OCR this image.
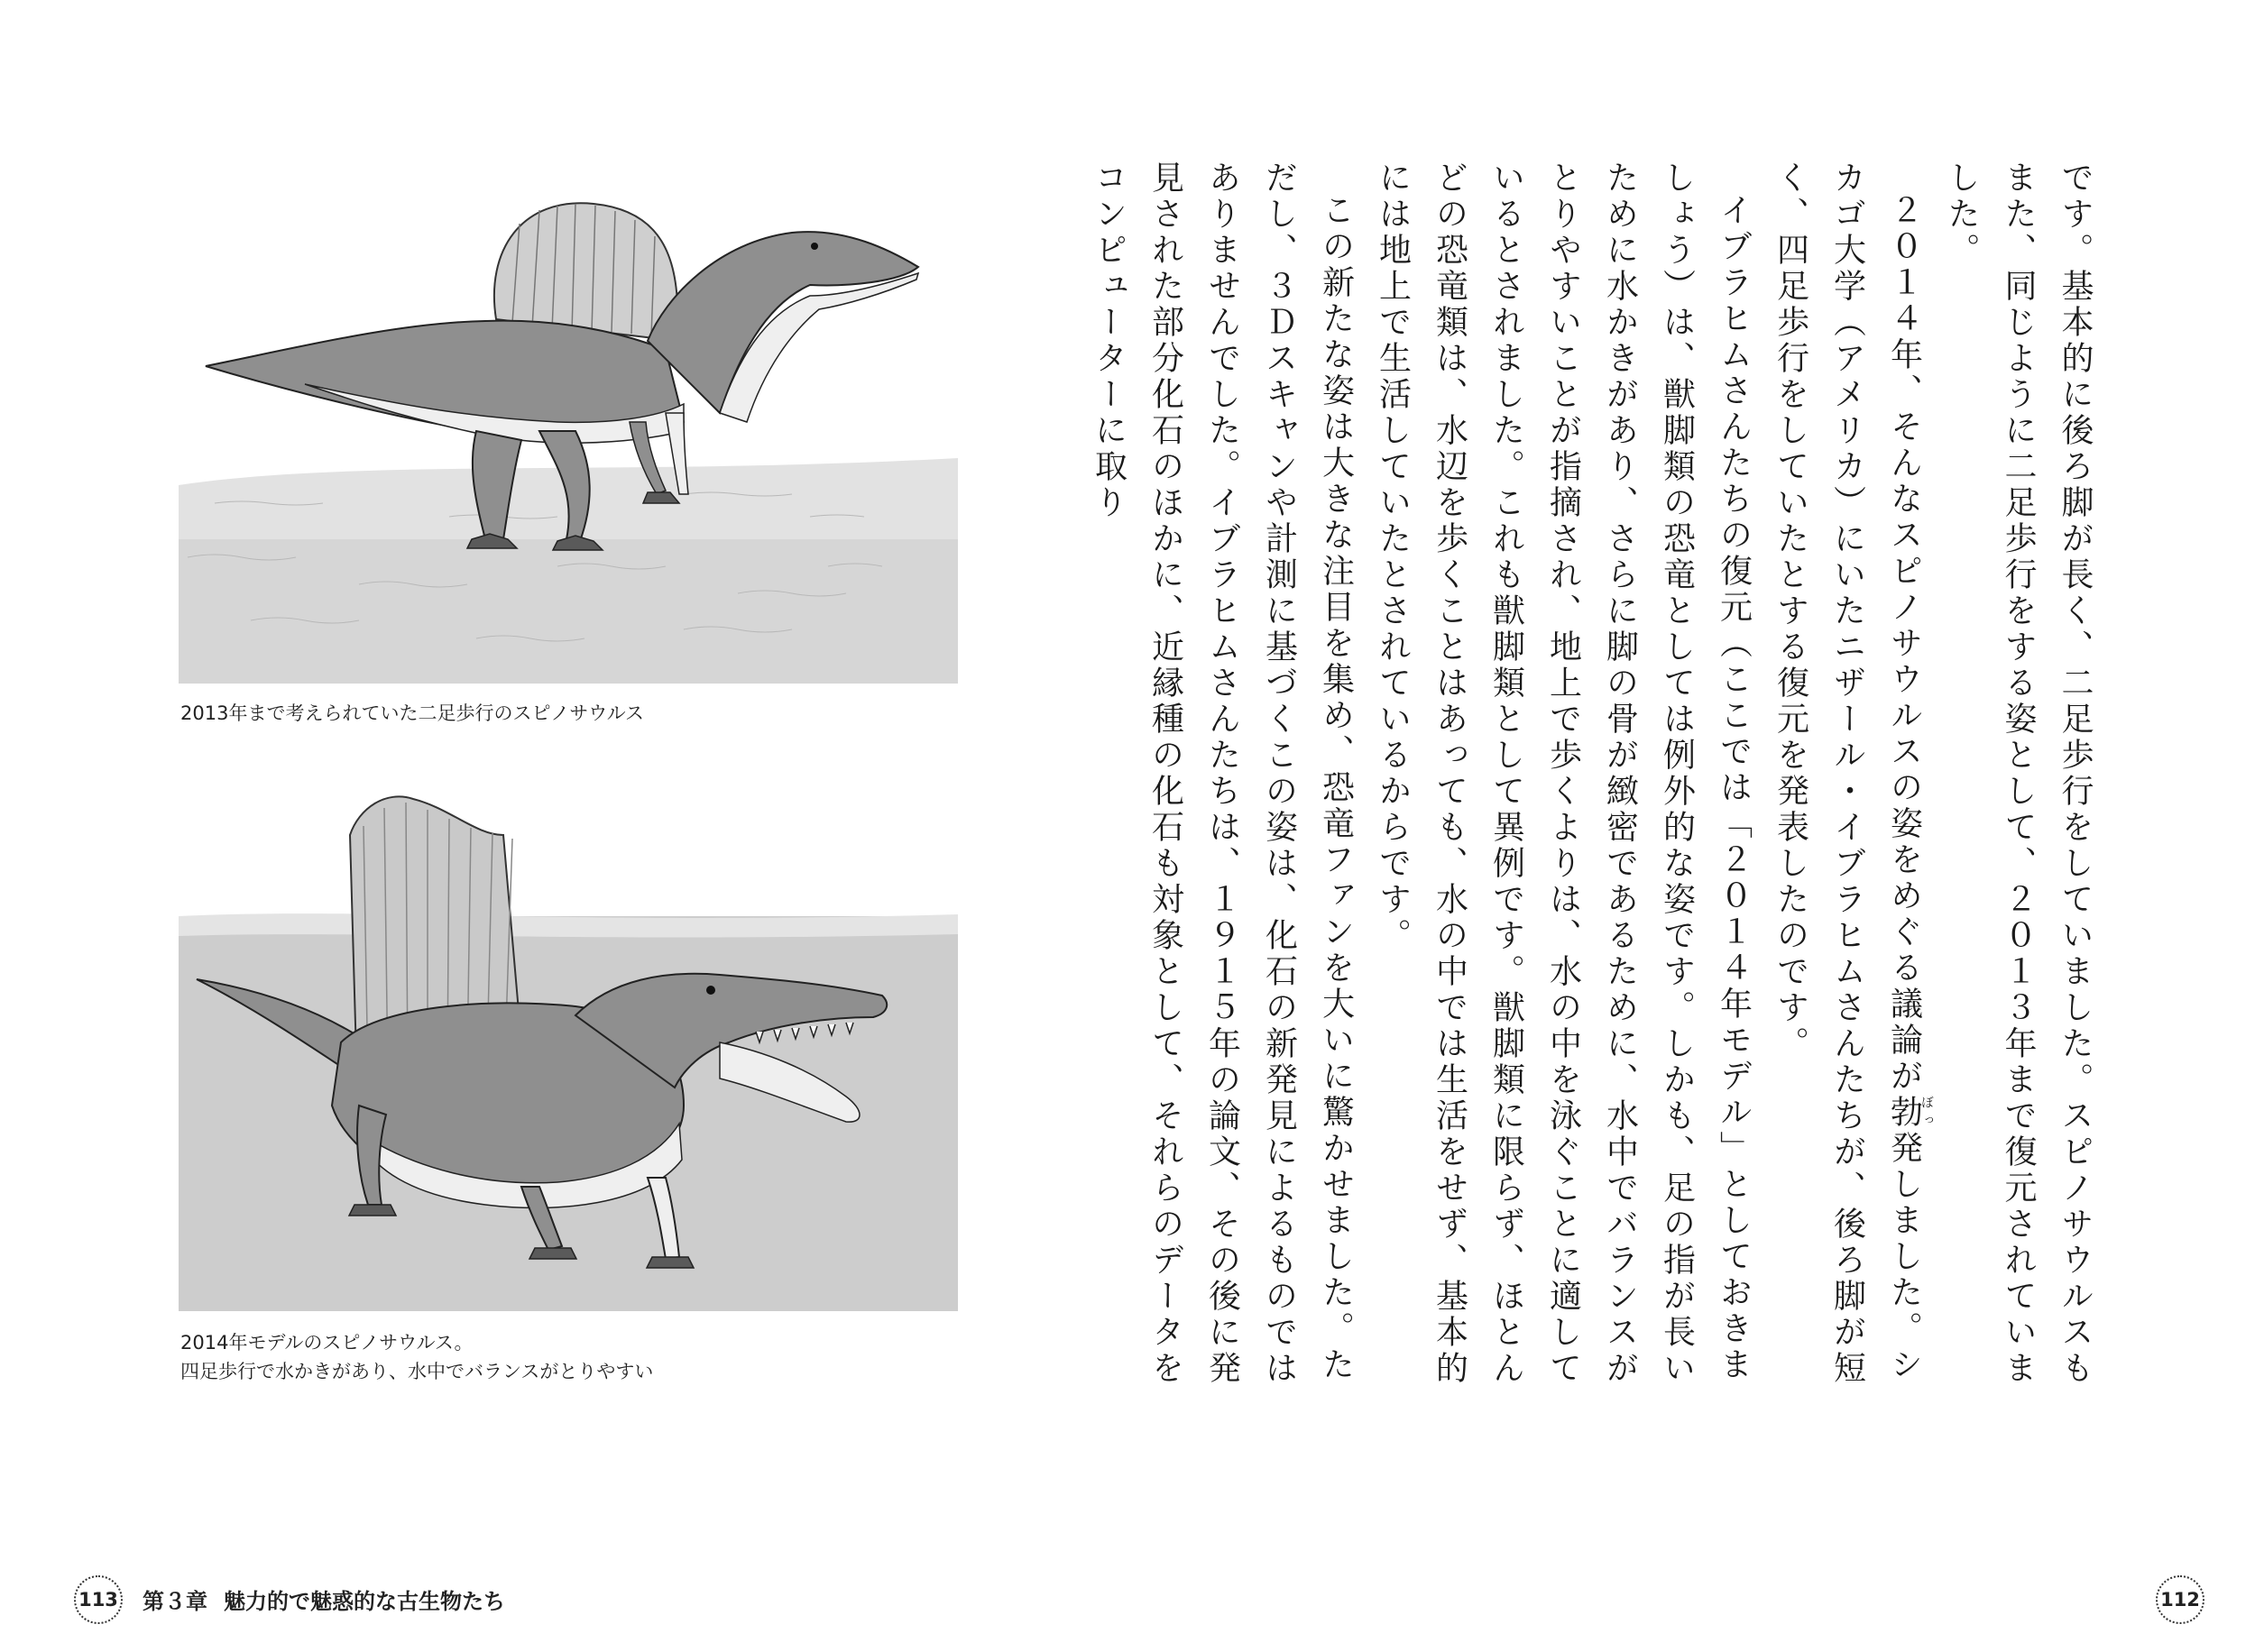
2013年まで考えられていた二足歩行のスピノサウルス
2014年モデルのスピノサウルス。
四足歩行で水かきがあり、水中でバランスがとりやすい
113 第３章 魅力的で魅惑的な古生物たち

です。基本的に後ろ脚が長く、二足歩行をしていました。スピノサウルスもまた、同じように二足歩行をする姿として、２０１３年まで復元されていました。

２０１４年、そんなスピノサウルスの姿をめぐる議論が勃ぼっ発しました。シカゴ大学（アメリカ）にいたニザール・イブラヒムさんたちが、後ろ脚が短く、四足歩行をしていたとする復元を発表したのです。

イブラヒムさんたちの復元（ここでは「２０１４年モデル」としておきましょう）は、獣脚類の恐竜としては例外的な姿です。しかも、足の指が長いために水かきがあり、さらに脚の骨が緻密であるために、水中でバランスがとりやすいことが指摘され、地上で歩くよりは、水の中を泳ぐことに適しているとされました。これも獣脚類として異例です。獣脚類に限らず、ほとんどの恐竜類は、水辺を歩くことはあっても、水の中では生活をせず、基本的には地上で生活していたとされているからです。

この新たな姿は大きな注目を集め、恐竜ファンを大いに驚かせました。ただし、３Ｄスキャンや計測に基づくこの姿は、化石の新発見によるものではありませんでした。イブラヒムさんたちは、１９１５年の論文、その後に発見された部分化石のほかに、近縁種の化石も対象として、それらのデータをコンピューターに取り

112
